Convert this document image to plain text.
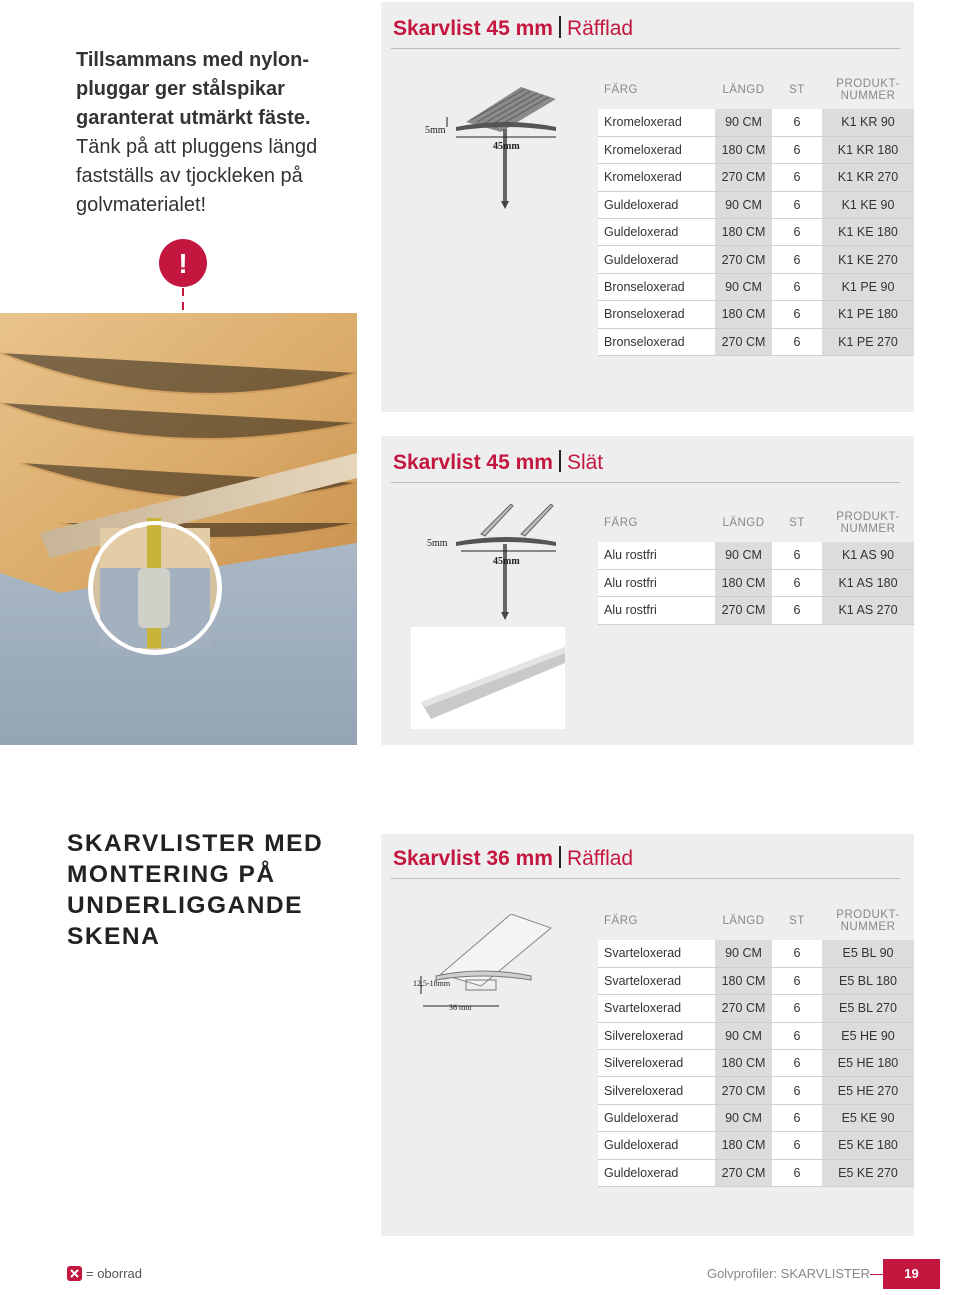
Tillsammans med nylonpluggar ger stålspikar garanterat utmärkt fäste. Tänk på att pluggens längd fastställs av tjockleken på golvmaterialet!
!
Skarvlist 45 mm Räfflad
5mm
45mm
FÄRG	LÄNGD	ST	PRODUKT-
NUMMER
Kromeloxerad	90 CM	6	K1 KR 90
Kromeloxerad	180 CM	6	K1 KR 180
Kromeloxerad	270 CM	6	K1 KR 270
Guldeloxerad	90 CM	6	K1 KE 90
Guldeloxerad	180 CM	6	K1 KE 180
Guldeloxerad	270 CM	6	K1 KE 270
Bronseloxerad	90 CM	6	K1 PE 90
Bronseloxerad	180 CM	6	K1 PE 180
Bronseloxerad	270 CM	6	K1 PE 270
Skarvlist 45 mm Slät
5mm
45mm
FÄRG	LÄNGD	ST	PRODUKT-
NUMMER
Alu rostfri	90 CM	6	K1 AS 90
Alu rostfri	180 CM	6	K1 AS 180
Alu rostfri	270 CM	6	K1 AS 270
SKARVLISTER MED
MONTERING PÅ
UNDERLIGGANDE
SKENA
Skarvlist 36 mm Räfflad
12,5-18mm
36 mm
FÄRG	LÄNGD	ST	PRODUKT-
NUMMER
Svarteloxerad	90 CM	6	E5 BL 90
Svarteloxerad	180 CM	6	E5 BL 180
Svarteloxerad	270 CM	6	E5 BL 270
Silvereloxerad	90 CM	6	E5 HE 90
Silvereloxerad	180 CM	6	E5 HE 180
Silvereloxerad	270 CM	6	E5 HE 270
Guldeloxerad	90 CM	6	E5 KE 90
Guldeloxerad	180 CM	6	E5 KE 180
Guldeloxerad	270 CM	6	E5 KE 270
= oborrad	Golvprofiler: SKARVLISTER	19
